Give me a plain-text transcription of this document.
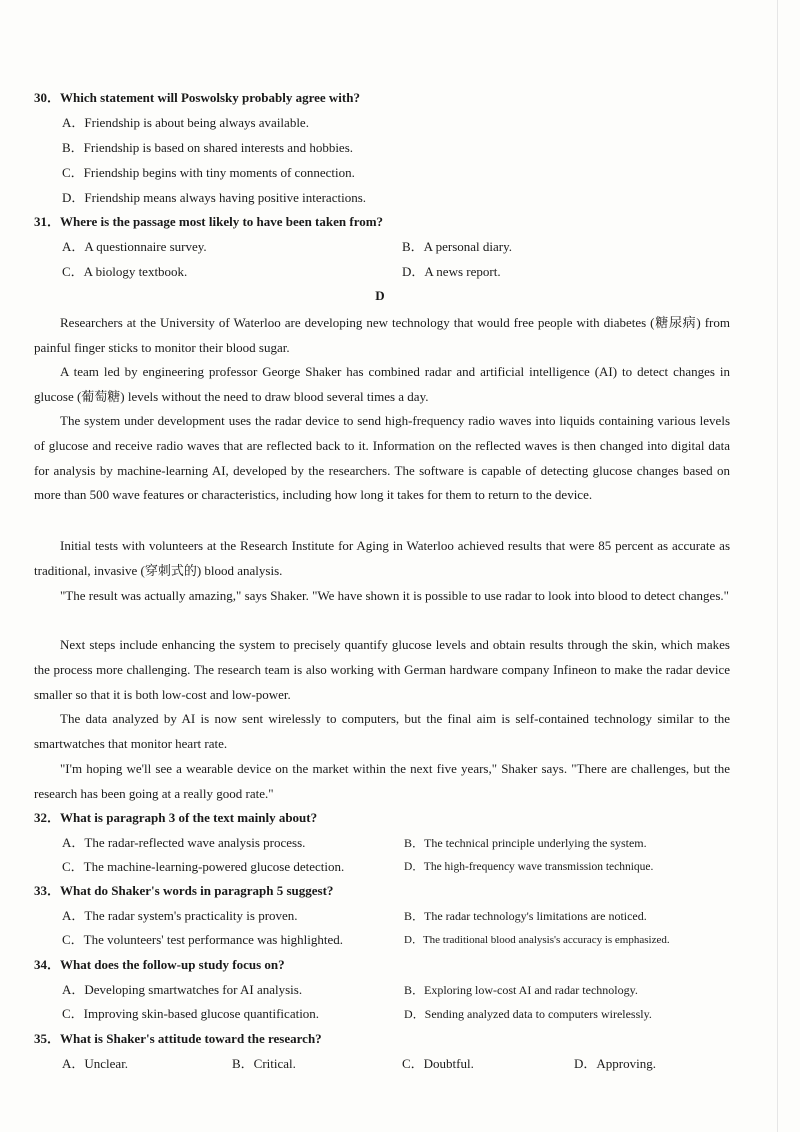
30．Which statement will Poswolsky probably agree with?
A．Friendship is about being always available.
B．Friendship is based on shared interests and hobbies.
C．Friendship begins with tiny moments of connection.
D．Friendship means always having positive interactions.
31．Where is the passage most likely to have been taken from?
A．A questionnaire survey.	B．A personal diary.
C．A biology textbook.	D．A news report.
D
Researchers at the University of Waterloo are developing new technology that would free people with diabetes (糖尿病) from painful finger sticks to monitor their blood sugar.
A team led by engineering professor George Shaker has combined radar and artificial intelligence (AI) to detect changes in glucose (葡萄糖) levels without the need to draw blood several times a day.
The system under development uses the radar device to send high-frequency radio waves into liquids containing various levels of glucose and receive radio waves that are reflected back to it. Information on the reflected waves is then changed into digital data for analysis by machine-learning AI, developed by the researchers. The software is capable of detecting glucose changes based on more than 500 wave features or characteristics, including how long it takes for them to return to the device.
Initial tests with volunteers at the Research Institute for Aging in Waterloo achieved results that were 85 percent as accurate as traditional, invasive (穿刺式的) blood analysis.
"The result was actually amazing," says Shaker. "We have shown it is possible to use radar to look into blood to detect changes."
Next steps include enhancing the system to precisely quantify glucose levels and obtain results through the skin, which makes the process more challenging. The research team is also working with German hardware company Infineon to make the radar device smaller so that it is both low-cost and low-power.
The data analyzed by AI is now sent wirelessly to computers, but the final aim is self-contained technology similar to the smartwatches that monitor heart rate.
"I'm hoping we'll see a wearable device on the market within the next five years," Shaker says. "There are challenges, but the research has been going at a really good rate."
32．What is paragraph 3 of the text mainly about?
A．The radar-reflected wave analysis process.	B．The technical principle underlying the system.
C．The machine-learning-powered glucose detection.	D．The high-frequency wave transmission technique.
33．What do Shaker's words in paragraph 5 suggest?
A．The radar system's practicality is proven.	B．The radar technology's limitations are noticed.
C．The volunteers' test performance was highlighted.	D．The traditional blood analysis's accuracy is emphasized.
34．What does the follow-up study focus on?
A．Developing smartwatches for AI analysis.	B．Exploring low-cost AI and radar technology.
C．Improving skin-based glucose quantification.	D．Sending analyzed data to computers wirelessly.
35．What is Shaker's attitude toward the research?
A．Unclear.	B．Critical.	C．Doubtful.	D．Approving.
